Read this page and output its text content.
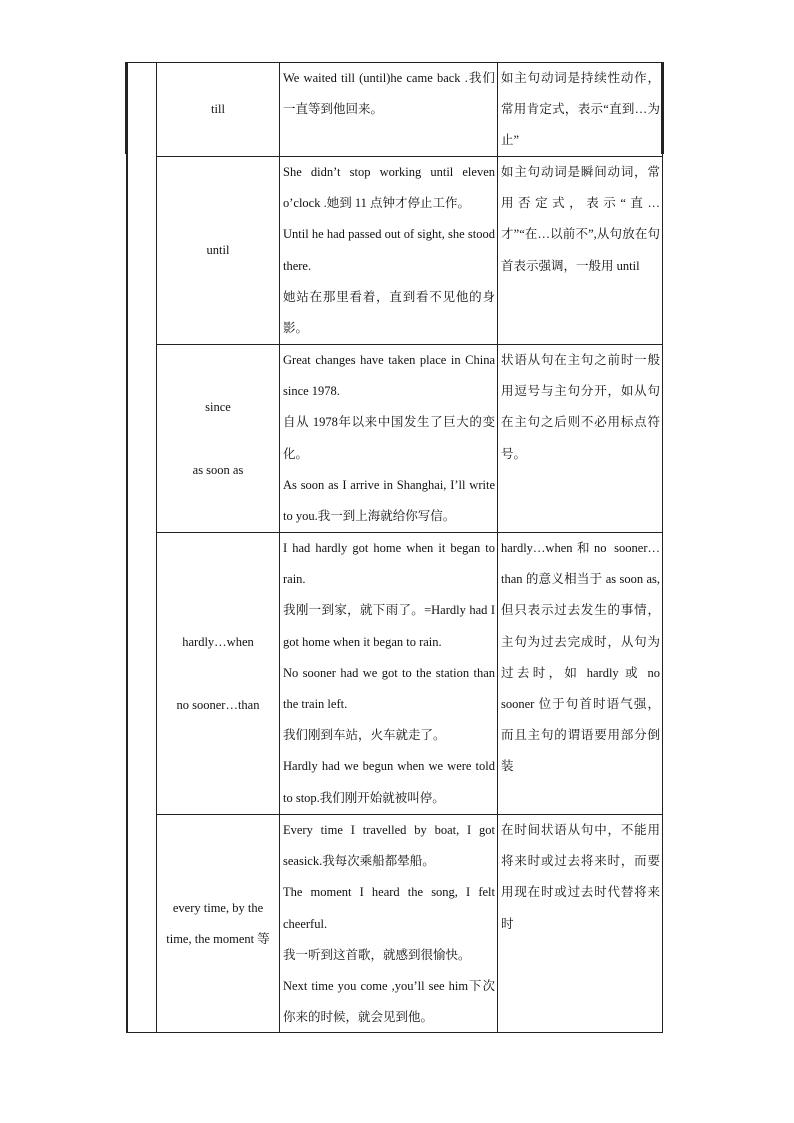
till

We waited till (until)he came back .我们一直等到他回来。

如主句动词是持续性动作，常用肯定式，表示“直到…为止”

until

She didn’t stop working until eleven o’clock .她到 11 点钟才停止工作。

Until he had passed out of sight, she stood there.

她站在那里看着，直到看不见他的身影。

如主句动词是瞬间动词，常用否定式，表示“直…才”“在…以前不”,从句放在句首表示强调，一般用 until

since
as soon as

Great changes have taken place in China since 1978.

自从 1978年以来中国发生了巨大的变化。

As soon as I arrive in Shanghai, I’ll write to you.我一到上海就给你写信。

状语从句在主句之前时一般用逗号与主句分开，如从句在主句之后则不必用标点符号。

hardly…when
no sooner…than

I had hardly got home when it began to rain.

我刚一到家，就下雨了。=Hardly had I got home when it began to rain.

No sooner had we got to the station than the train left.

我们刚到车站，火车就走了。

Hardly had we begun when we were told to stop.我们刚开始就被叫停。

hardly…when和no sooner…than 的意义相当于 as soon as,但只表示过去发生的事情，主句为过去完成时，从句为过去时，如 hardly 或 no sooner 位于句首时语气强，而且主句的谓语要用部分倒装

every time, by the time, the moment 等

Every time I travelled by boat, I got seasick.我每次乘船都晕船。

The moment I heard the song, I felt cheerful.

我一听到这首歌，就感到很愉快。

Next time you come ,you’ll see him下次你来的时候，就会见到他。

在时间状语从句中，不能用将来时或过去将来时，而要用现在时或过去时代替将来时
